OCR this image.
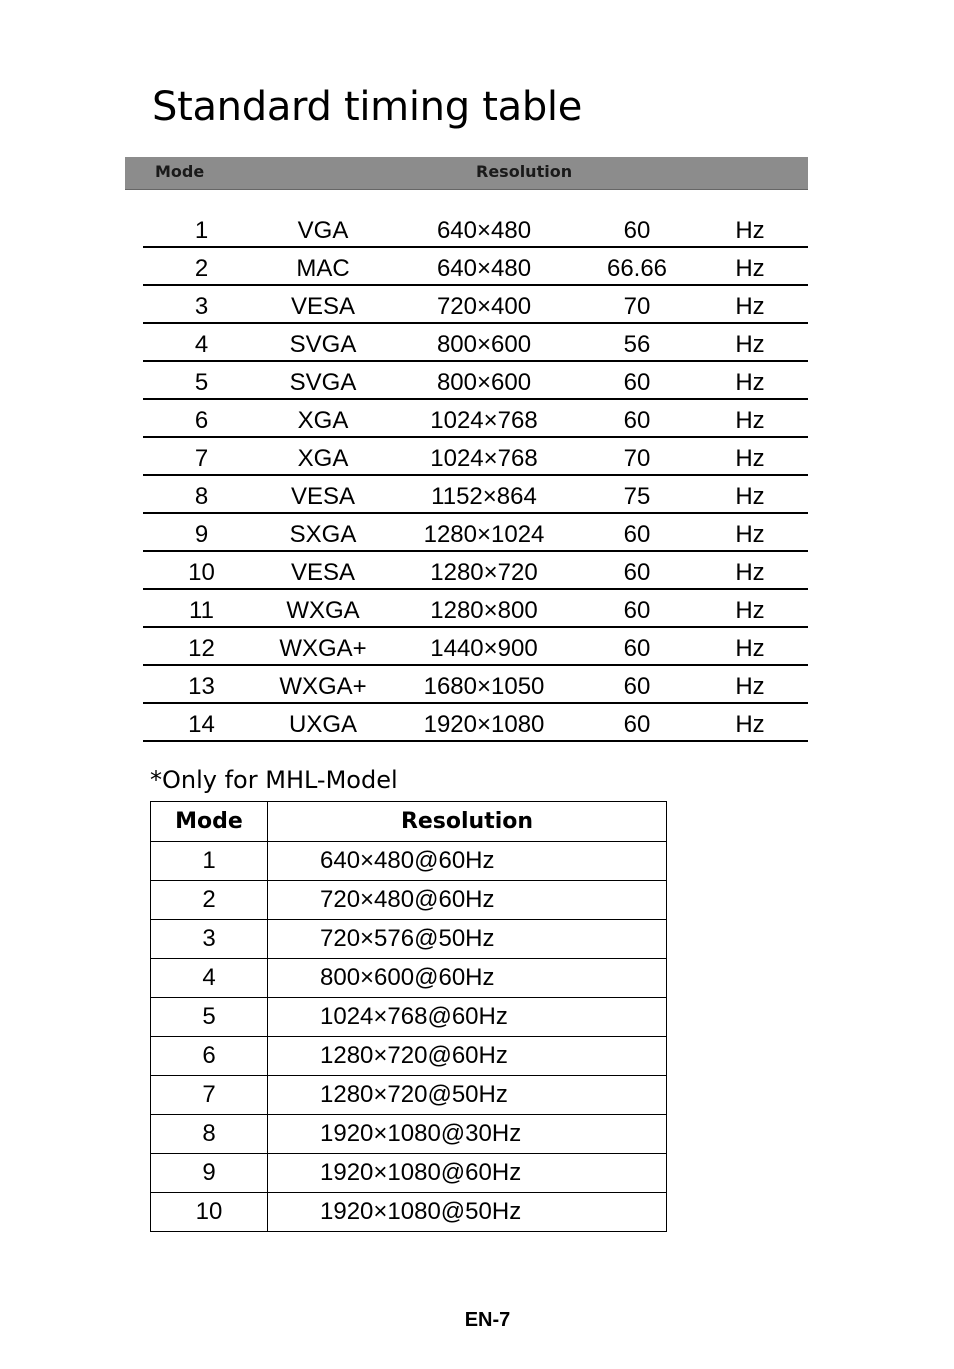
Standard timing table
Mode	Resolution
1	VGA	640×480	60	Hz
2	MAC	640×480	66.66	Hz
3	VESA	720×400	70	Hz
4	SVGA	800×600	56	Hz
5	SVGA	800×600	60	Hz
6	XGA	1024×768	60	Hz
7	XGA	1024×768	70	Hz
8	VESA	1152×864	75	Hz
9	SXGA	1280×1024	60	Hz
10	VESA	1280×720	60	Hz
11	WXGA	1280×800	60	Hz
12	WXGA+	1440×900	60	Hz
13	WXGA+	1680×1050	60	Hz
14	UXGA	1920×1080	60	Hz

*Only for MHL-Model

Mode	Resolution
1	640×480@60Hz
2	720×480@60Hz
3	720×576@50Hz
4	800×600@60Hz
5	1024×768@60Hz
6	1280×720@60Hz
7	1280×720@50Hz
8	1920×1080@30Hz
9	1920×1080@60Hz
10	1920×1080@50Hz

EN-7
